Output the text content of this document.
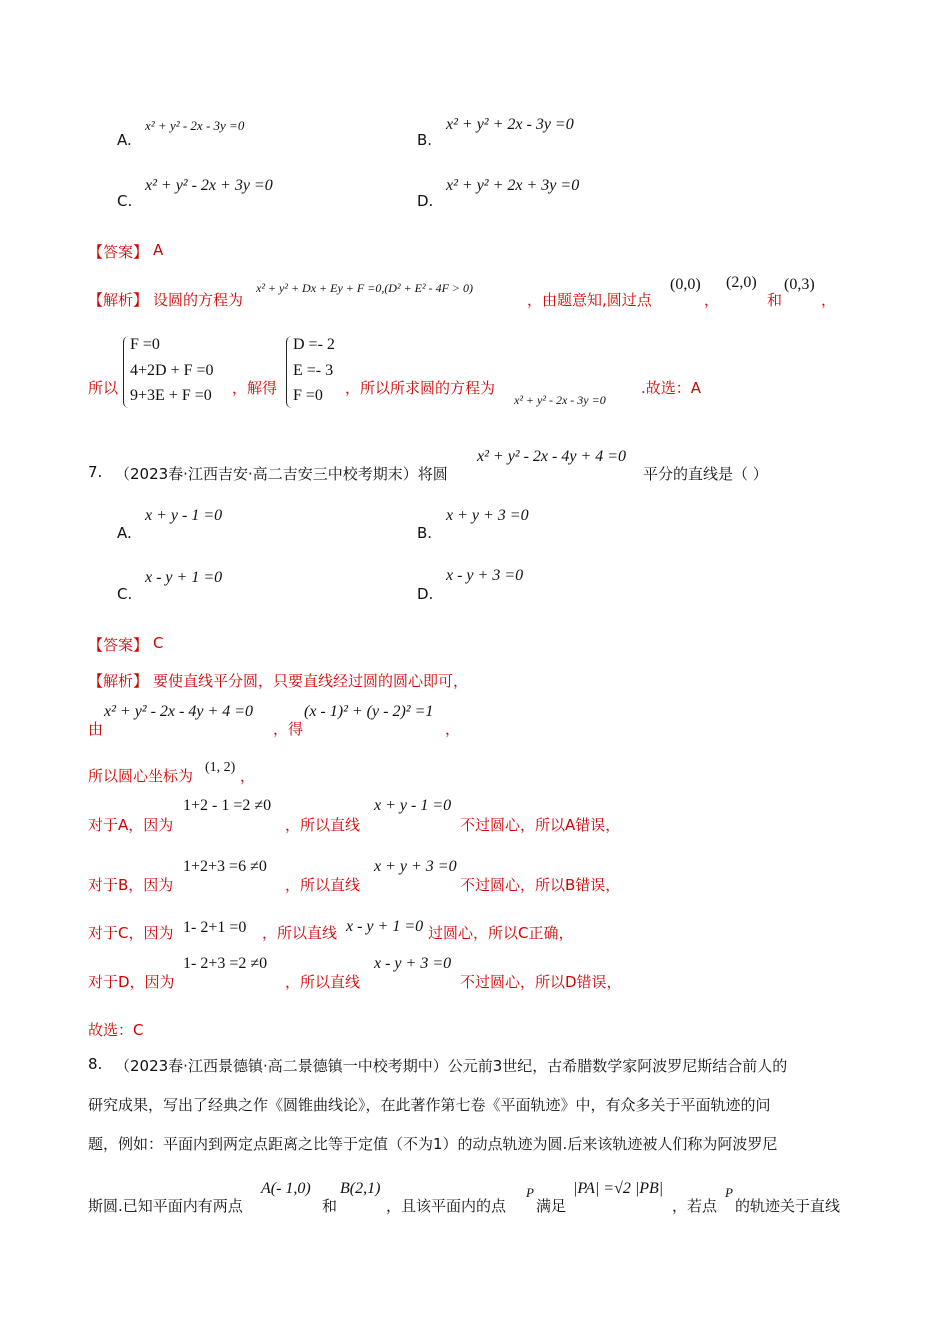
A.
x² + y² - 2x - 3y =0
B.
x² + y² + 2x - 3y =0
C.
x² + y² - 2x + 3y =0
D.
x² + y² + 2x + 3y =0
【答案】 A
【解析】 设圆的方程为
x² + y² + Dx + Ey + F =0,(D² + E² - 4F > 0)
，由题意知,圆过点
(0,0)
，
(2,0)
和
(0,3)
，
所以
F =0
4+2D + F =0
9+3E + F =0 ，解得
D =- 2
E =- 3
F =0 ，所以所求圆的方程为
x² + y² - 2x - 3y =0
.故选：A
7. （2023春·江西吉安·高二吉安三中校考期末）将圆
x² + y² - 2x - 4y + 4 =0
平分的直线是（ ）
A.
x + y - 1 =0
B.
x + y + 3 =0
C.
x - y + 1 =0
D.
x - y + 3 =0
【答案】 C
【解析】 要使直线平分圆，只要直线经过圆的圆心即可，
由
x² + y² - 2x - 4y + 4 =0
，得
(x - 1)² + (y - 2)² =1
，
所以圆心坐标为 (1, 2) ，
对于A，因为
1+2 - 1 =2 ≠0
，所以直线
x + y - 1 =0
不过圆心，所以A错误，
对于B，因为
1+2+3 =6 ≠0
，所以直线
x + y + 3 =0
不过圆心，所以B错误，
对于C，因为 1- 2+1 =0 ，所以直线 x - y + 1 =0 过圆心，所以C正确，
对于D，因为
1- 2+3 =2 ≠0
，所以直线
x - y + 3 =0
不过圆心，所以D错误，
故选：C
8. （2023春·江西景德镇·高二景德镇一中校考期中）公元前3世纪，古希腊数学家阿波罗尼斯结合前人的
研究成果，写出了经典之作《圆锥曲线论》，在此著作第七卷《平面轨迹》中，有众多关于平面轨迹的问
题，例如：平面内到两定点距离之比等于定值（不为1）的动点轨迹为圆.后来该轨迹被人们称为阿波罗尼
斯圆.已知平面内有两点
A(- 1,0)
和
B(2,1)
，且该平面内的点
P
满足
|PA| =√2 |PB|
，若点
P
的轨迹关于直线
